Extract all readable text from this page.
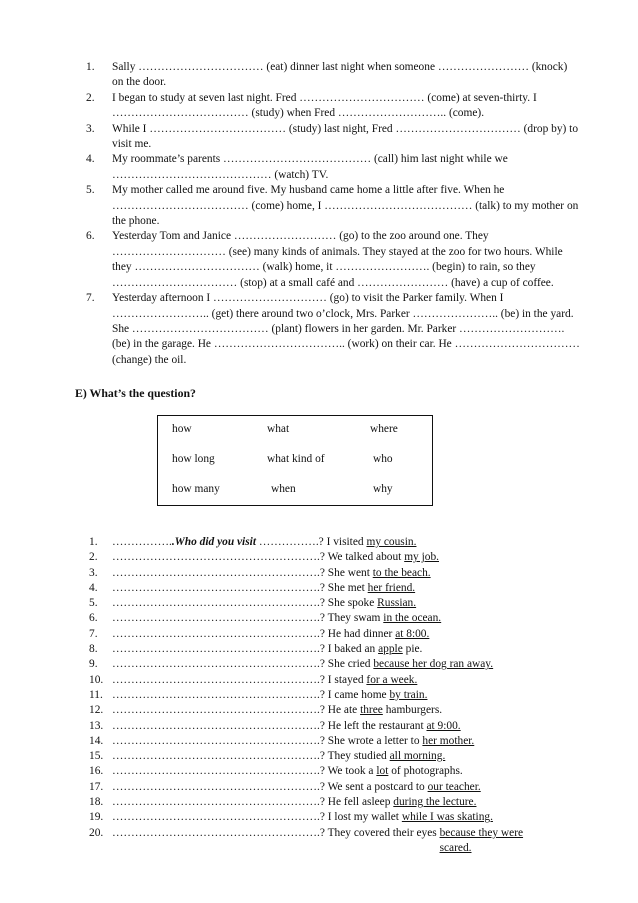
1. Sally …………………………… (eat) dinner last night when someone …………………… (knock) on the door.
2. I began to study at seven last night. Fred …………………………… (come) at seven-thirty. I ……………………………… (study) when Fred ……………………….. (come).
3. While I ……………………………… (study) last night, Fred …………………………… (drop by) to visit me.
4. My roommate’s parents ………………………………… (call) him last night while we …………………………………… (watch) TV.
5. My mother called me around five. My husband came home a little after five. When he ……………………………… (come) home, I ………………………………… (talk) to my mother on the phone.
6. Yesterday Tom and Janice ……………………… (go) to the zoo around one. They ………………………… (see) many kinds of animals. They stayed at the zoo for two hours. While they …………………………… (walk) home, it ……………………. (begin) to rain, so they …………………………… (stop) at a small café and …………………… (have) a cup of coffee.
7. Yesterday afternoon I ………………………… (go) to visit the Parker family. When I …………………….. (get) there around two o’clock, Mrs. Parker ………………….. (be) in the yard. She ……………………………… (plant) flowers in her garden. Mr. Parker ………………………. (be) in the garage. He …………………………….. (work) on their car. He …………………………… (change) the oil.
E) What’s the question?
how	what	where
how long	what kind of	who
how many	when	why
1. ……………..Who did you visit …………….? I visited my cousin.
2. ……………………………………………….? We talked about my job.
3. ……………………………………………….? She went to the beach.
4. ……………………………………………….? She met her friend.
5. ……………………………………………….? She spoke Russian.
6. ……………………………………………….? They swam in the ocean.
7. ……………………………………………….? He had dinner at 8:00.
8. ……………………………………………….? I baked an apple pie.
9. ……………………………………………….? She cried because her dog ran away.
10. ……………………………………………….? I stayed for a week.
11. ……………………………………………….? I came home by train.
12. ……………………………………………….? He ate three hamburgers.
13. ……………………………………………….? He left the restaurant at 9:00.
14. ……………………………………………….? She wrote a letter to her mother.
15. ……………………………………………….? They studied all morning.
16. ……………………………………………….? We took a lot of photographs.
17. ……………………………………………….? We sent a postcard to our teacher.
18. ……………………………………………….? He fell asleep during the lecture.
19. ……………………………………………….? I lost my wallet while I was skating.
20. ……………………………………………….? They covered their eyes because they were scared.
